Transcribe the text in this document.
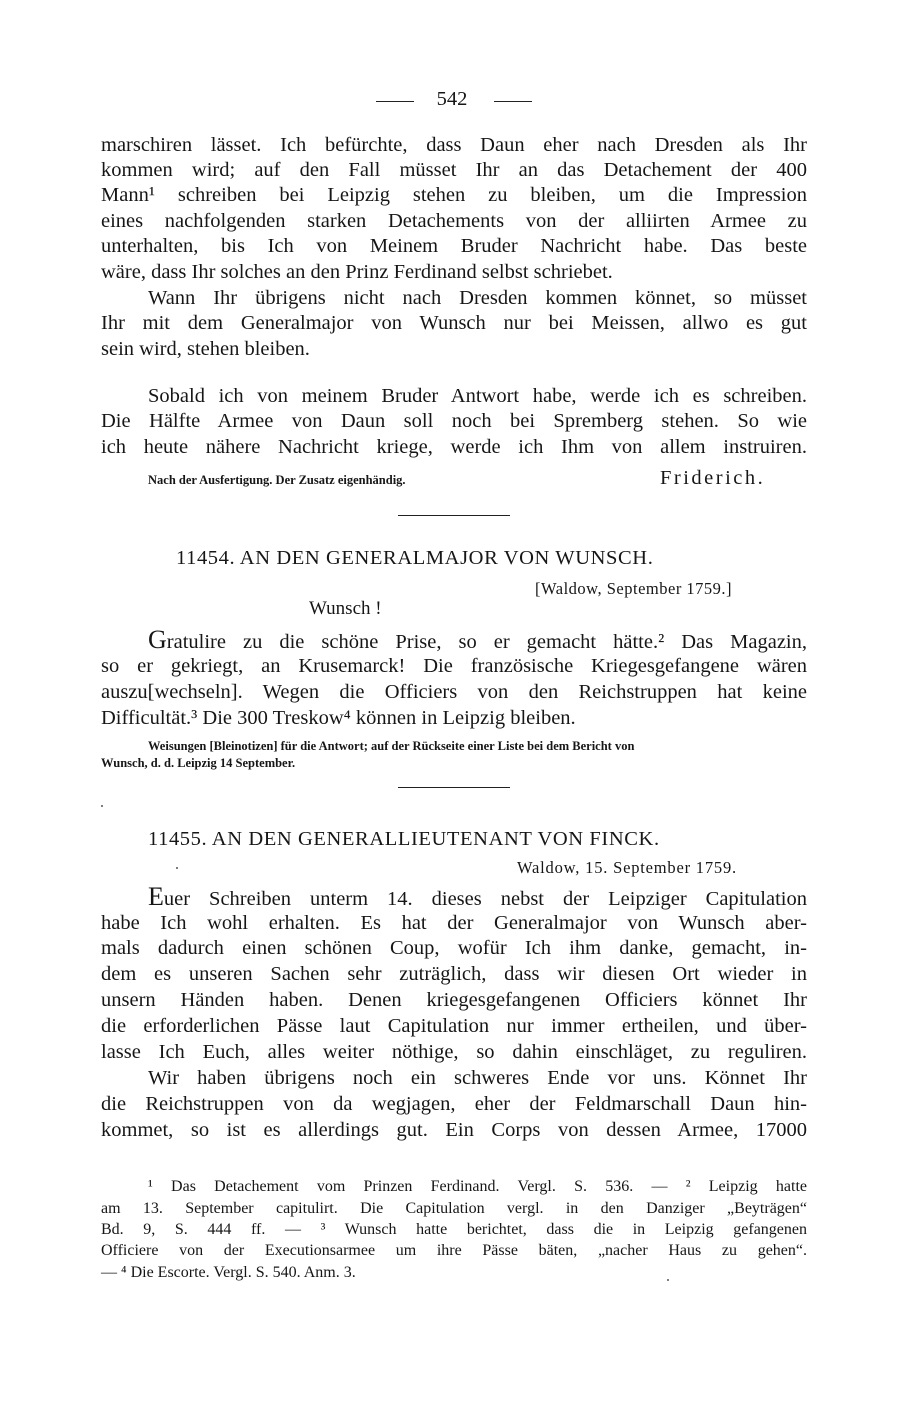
542
marschiren lässet. Ich befürchte, dass Daun eher nach Dresden als Ihr
kommen wird; auf den Fall müsset Ihr an das Detachement der 400
Mann¹ schreiben bei Leipzig stehen zu bleiben, um die Impression
eines nachfolgenden starken Detachements von der alliirten Armee zu
unterhalten, bis Ich von Meinem Bruder Nachricht habe. Das beste
wäre, dass Ihr solches an den Prinz Ferdinand selbst schriebet.
Wann Ihr übrigens nicht nach Dresden kommen könnet, so müsset
Ihr mit dem Generalmajor von Wunsch nur bei Meissen, allwo es gut
sein wird, stehen bleiben.
Sobald ich von meinem Bruder Antwort habe, werde ich es schreiben.
Die Hälfte Armee von Daun soll noch bei Spremberg stehen. So wie
ich heute nähere Nachricht kriege, werde ich Ihm von allem instruiren.
Nach der Ausfertigung. Der Zusatz eigenhändig.	Friderich.
11454. AN DEN GENERALMAJOR VON WUNSCH.
[Waldow, September 1759.]
Wunsch !
Gratulire zu die schöne Prise, so er gemacht hätte.² Das Magazin,
so er gekriegt, an Krusemarck! Die französische Kriegesgefangene wären
auszu[wechseln]. Wegen die Officiers von den Reichstruppen hat keine
Difficultät.³ Die 300 Treskow⁴ können in Leipzig bleiben.
Weisungen [Bleinotizen] für die Antwort; auf der Rückseite einer Liste bei dem Bericht von
Wunsch, d. d. Leipzig 14 September.
11455. AN DEN GENERALLIEUTENANT VON FINCK.
Waldow, 15. September 1759.
Euer Schreiben unterm 14. dieses nebst der Leipziger Capitulation
habe Ich wohl erhalten. Es hat der Generalmajor von Wunsch aber-
mals dadurch einen schönen Coup, wofür Ich ihm danke, gemacht, in-
dem es unseren Sachen sehr zuträglich, dass wir diesen Ort wieder in
unsern Händen haben. Denen kriegesgefangenen Officiers könnet Ihr
die erforderlichen Pässe laut Capitulation nur immer ertheilen, und über-
lasse Ich Euch, alles weiter nöthige, so dahin einschläget, zu reguliren.
Wir haben übrigens noch ein schweres Ende vor uns. Könnet Ihr
die Reichstruppen von da wegjagen, eher der Feldmarschall Daun hin-
kommet, so ist es allerdings gut. Ein Corps von dessen Armee, 17000
¹ Das Detachement vom Prinzen Ferdinand. Vergl. S. 536. — ² Leipzig hatte
am 13. September capitulirt. Die Capitulation vergl. in den Danziger „Beyträgen“
Bd. 9, S. 444 ff. — ³ Wunsch hatte berichtet, dass die in Leipzig gefangenen
Officiere von der Executionsarmee um ihre Pässe bäten, „nacher Haus zu gehen“.
— ⁴ Die Escorte. Vergl. S. 540. Anm. 3.
